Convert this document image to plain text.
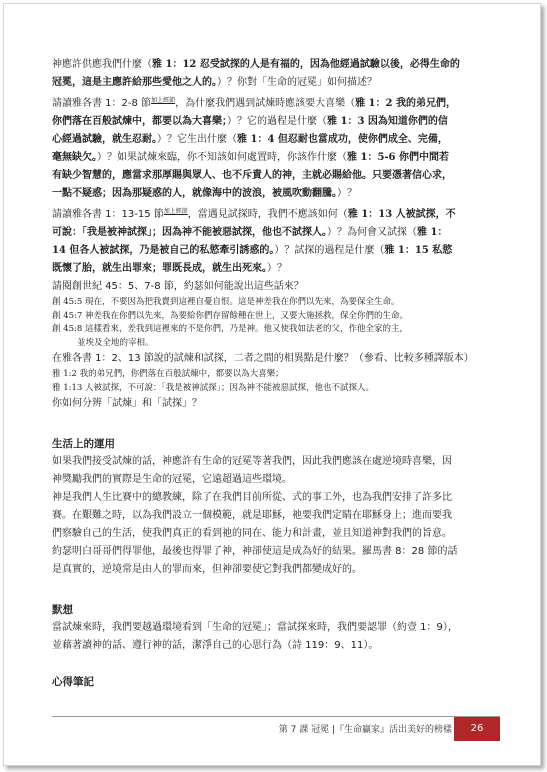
神應許供應我們什麼（雅 1：12 忍受試探的人是有福的，因為他經過試驗以後，必得生命的
冠冕，這是主應許給那些愛他之人的。）？你對「生命的冠冕」如何描述？
請讀雅各書 1：2-8 節$^{加上經節}$，為什麼我們遇到試煉時應該要大喜樂（雅 1：2 我的弟兄們，
你們落在百般試煉中，都要以為大喜樂；）？它的過程是什麼（雅 1：3 因為知道你們的信
心經過試驗，就生忍耐。）？它生出什麼（雅 1：4 但忍耐也當成功，使你們成全、完備，
毫無缺欠。）？如果試煉來臨，你不知該如何處置時，你該作什麼（雅 1：5-6 你們中間若
有缺少智慧的，應當求那厚賜與眾人、也不斥責人的神，主就必賜給他。只要憑著信心求，
一點不疑惑；因為那疑惑的人，就像海中的波浪，被風吹動翻騰。）？
請讀雅各書 1：13-15 節$^{加上經節}$，當遇見試探時，我們不應該如何（雅 1：13 人被試探，不
可說：「我是被神試探」；因為神不能被惡試探，他也不試探人。）？為何會又試探（雅 1：
14 但各人被試探，乃是被自己的私慾牽引誘惑的。）？試探的過程是什麼（雅 1：15 私慾
既懷了胎，就生出罪來；罪既長成，就生出死來。）？
請閱創世紀 45：5、7-8 節，約瑟如何能說出這些話來？
創 45:5 現在，不要因為把我賣到這裡自憂自恨。這是神差我在你們以先來，為要保全生命。
創 45:7 神差我在你們以先來，為要給你們存留餘種在世上，又要大施拯救，保全你們的生命。
創 45:8 這樣看來，差我到這裡來的不是你們，乃是神。他又使我如法老的父，作他全家的主，
並埃及全地的宰相。
在雅各書 1：2、13 節說的試煉和試探，二者之間的相異點是什麼？（參看、比較多種譯版本）
雅 1:2 我的弟兄們，你們落在百般試煉中，都要以為大喜樂；
雅 1:13 人被試探，不可說：「我是被神試探」；因為神不能被惡試探，他也不試探人。
你如何分辨「試煉」和「試探」？
生活上的運用
如果我們接受試煉的話，神應許有生命的冠冕等著我們，因此我們應該在處逆境時喜樂，因
神獎勵我們的實際是生命的冠冕，它遠超過這些環境。
神是我們人生比賽中的總教練，除了在我們目前所從、式的事工外，也為我們安排了許多比
賽。在艱難之時，以為我們設立一個模範，就是耶穌，祂要我們定睛在耶穌身上；進而要我
們察驗自己的生活，使我們真正的看到祂的同在、能力和計畫，並且知道神對我們的旨意。
約瑟明白哥哥們得罪他，最後也得罪了神，神卻使這是成為好的結果。羅馬書 8：28 節的話
是真實的，逆境常是由人的罪而來，但神卻要使它對我們都變成好的。
默想
當試煉來時，我們要越過環境看到「生命的冠冕」；當試探來時，我們要認罪（約壹 1：9），
並藉著讀神的話、遵行神的話，潔淨自己的心思行為（詩 119：9、11）。
心得筆記
第 7 課 冠冕 |『生命贏家』活出美好的榜樣	26
